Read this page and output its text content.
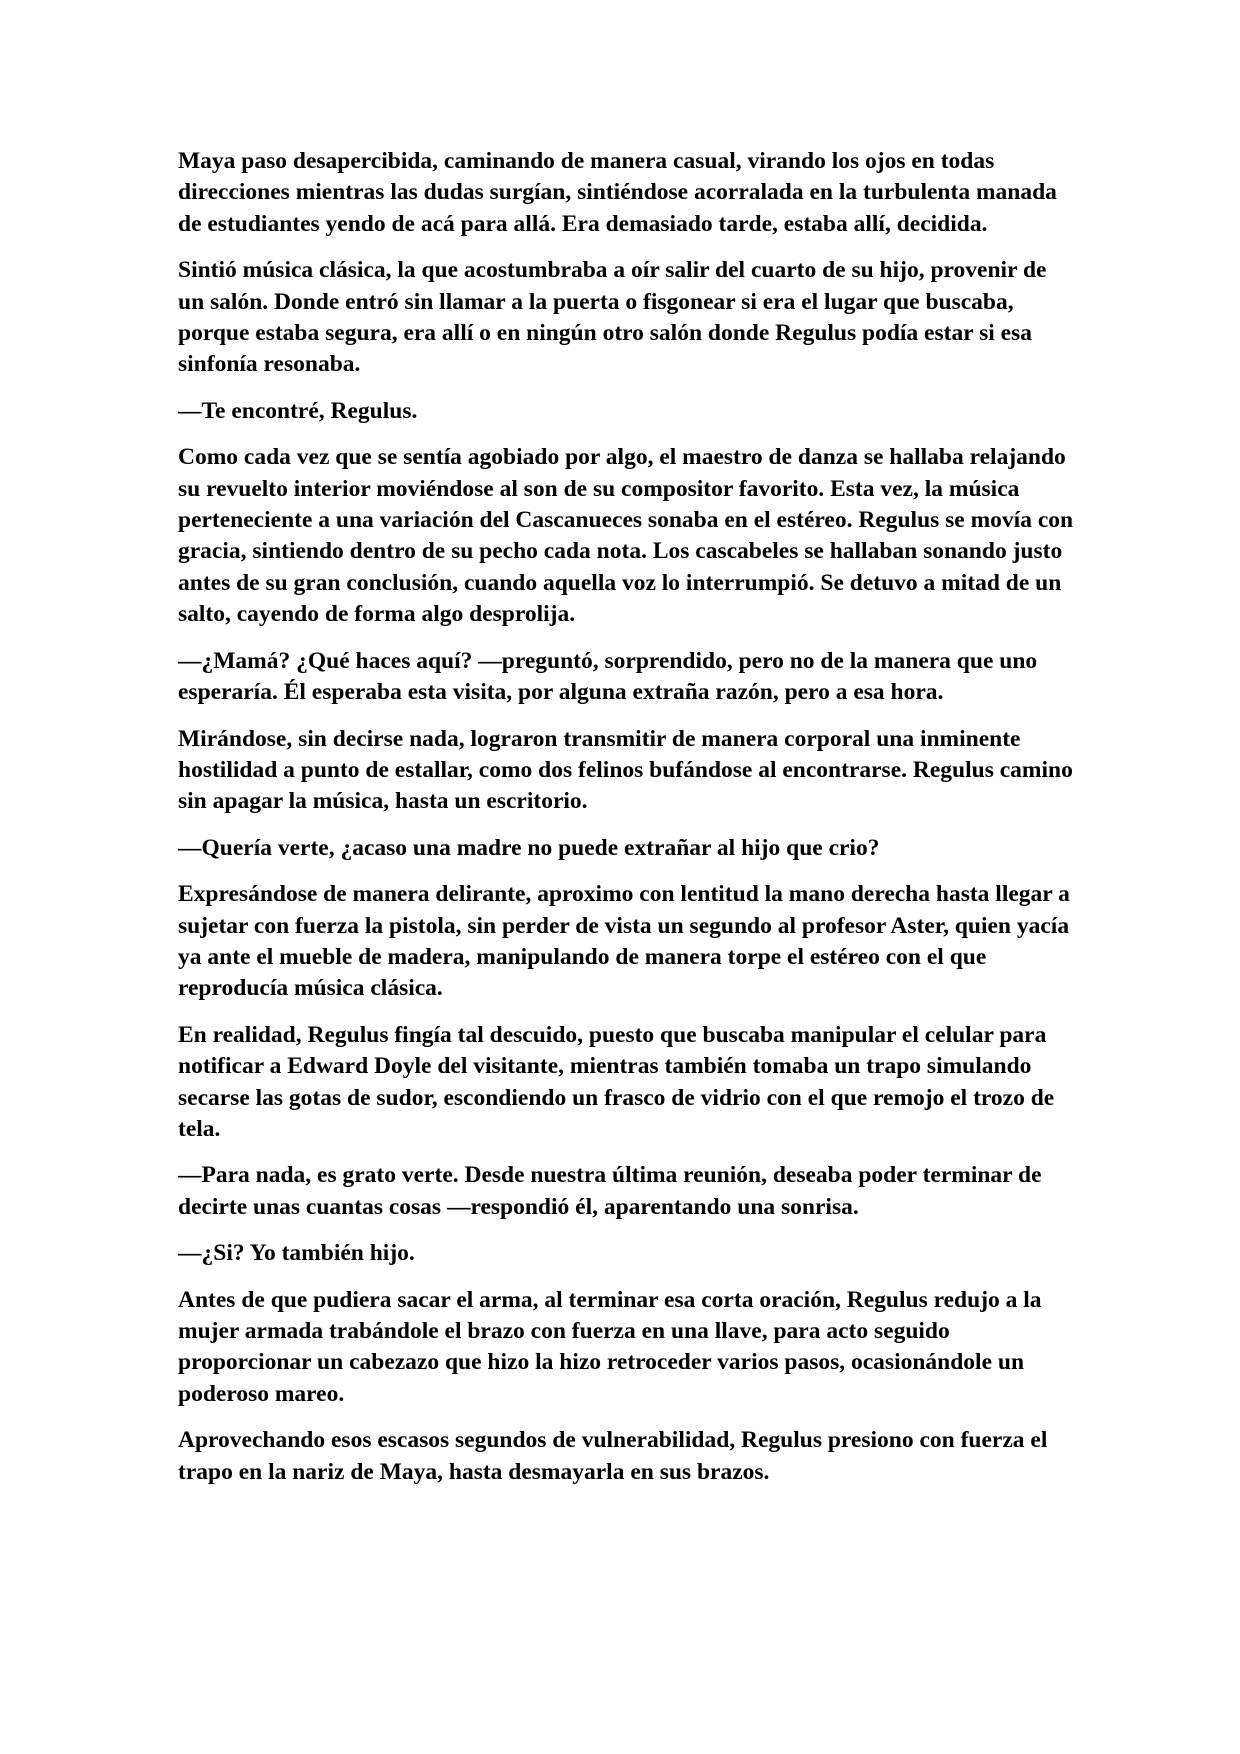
Maya paso desapercibida, caminando de manera casual, virando los ojos en todas direcciones mientras las dudas surgían, sintiéndose acorralada en la turbulenta manada de estudiantes yendo de acá para allá. Era demasiado tarde, estaba allí, decidida.

Sintió música clásica, la que acostumbraba a oír salir del cuarto de su hijo, provenir de un salón. Donde entró sin llamar a la puerta o fisgonear si era el lugar que buscaba, porque estaba segura, era allí o en ningún otro salón donde Regulus podía estar si esa sinfonía resonaba.

—Te encontré, Regulus.

Como cada vez que se sentía agobiado por algo, el maestro de danza se hallaba relajando su revuelto interior moviéndose al son de su compositor favorito. Esta vez, la música perteneciente a una variación del Cascanueces sonaba en el estéreo. Regulus se movía con gracia, sintiendo dentro de su pecho cada nota. Los cascabeles se hallaban sonando justo antes de su gran conclusión, cuando aquella voz lo interrumpió. Se detuvo a mitad de un salto, cayendo de forma algo desprolija.

—¿Mamá? ¿Qué haces aquí? —preguntó, sorprendido, pero no de la manera que uno esperaría. Él esperaba esta visita, por alguna extraña razón, pero a esa hora.

Mirándose, sin decirse nada, lograron transmitir de manera corporal una inminente hostilidad a punto de estallar, como dos felinos bufándose al encontrarse. Regulus camino sin apagar la música, hasta un escritorio.

—Quería verte, ¿acaso una madre no puede extrañar al hijo que crio?

Expresándose de manera delirante, aproximo con lentitud la mano derecha hasta llegar a sujetar con fuerza la pistola, sin perder de vista un segundo al profesor Aster, quien yacía ya ante el mueble de madera, manipulando de manera torpe el estéreo con el que reproducía música clásica.

En realidad, Regulus fingía tal descuido, puesto que buscaba manipular el celular para notificar a Edward Doyle del visitante, mientras también tomaba un trapo simulando secarse las gotas de sudor, escondiendo un frasco de vidrio con el que remojo el trozo de tela.

—Para nada, es grato verte. Desde nuestra última reunión, deseaba poder terminar de decirte unas cuantas cosas —respondió él, aparentando una sonrisa.

—¿Si? Yo también hijo.

Antes de que pudiera sacar el arma, al terminar esa corta oración, Regulus redujo a la mujer armada trabándole el brazo con fuerza en una llave, para acto seguido proporcionar un cabezazo que hizo la hizo retroceder varios pasos, ocasionándole un poderoso mareo.

Aprovechando esos escasos segundos de vulnerabilidad, Regulus presiono con fuerza el trapo en la nariz de Maya, hasta desmayarla en sus brazos.
